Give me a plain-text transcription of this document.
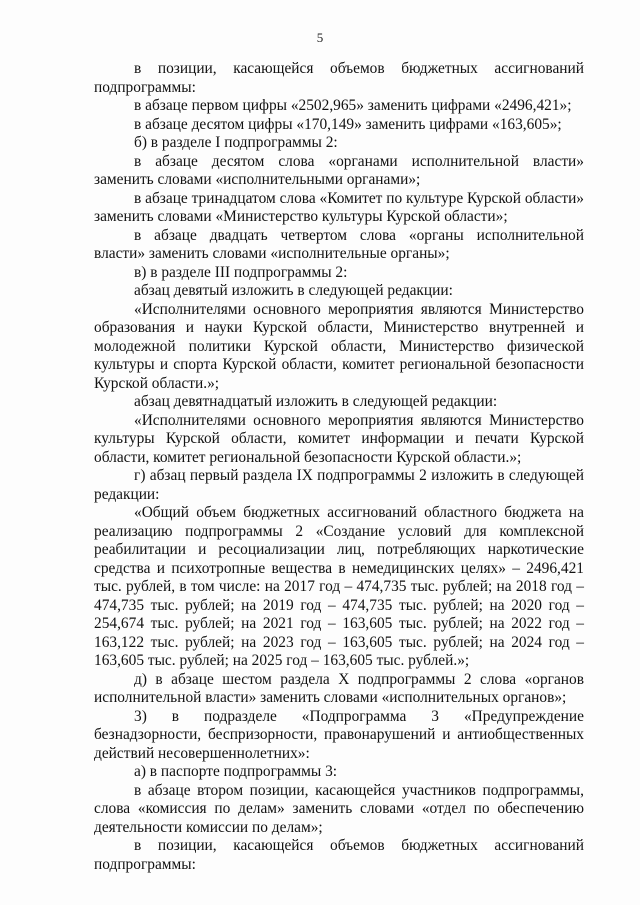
5

в позиции, касающейся объемов бюджетных ассигнований подпрограммы:

в абзаце первом цифры «2502,965» заменить цифрами «2496,421»;

в абзаце десятом цифры «170,149» заменить цифрами «163,605»;

б) в разделе I подпрограммы 2:

в абзаце десятом слова «органами исполнительной власти» заменить словами «исполнительными органами»;

в абзаце тринадцатом слова «Комитет по культуре Курской области» заменить словами «Министерство культуры Курской области»;

в абзаце двадцать четвертом слова «органы исполнительной власти» заменить словами «исполнительные органы»;

в) в разделе III подпрограммы 2:

абзац девятый изложить в следующей редакции:

«Исполнителями основного мероприятия являются Министерство образования и науки Курской области, Министерство внутренней и молодежной политики Курской области, Министерство физической культуры и спорта Курской области, комитет региональной безопасности Курской области.»;

абзац девятнадцатый изложить в следующей редакции:

«Исполнителями основного мероприятия являются Министерство культуры Курской области, комитет информации и печати Курской области, комитет региональной безопасности Курской области.»;

г) абзац первый раздела IX подпрограммы 2 изложить в следующей редакции:

«Общий объем бюджетных ассигнований областного бюджета на реализацию подпрограммы 2 «Создание условий для комплексной реабилитации и ресоциализации лиц, потребляющих наркотические средства и психотропные вещества в немедицинских целях» – 2496,421 тыс. рублей, в том числе: на 2017 год – 474,735 тыс. рублей; на 2018 год – 474,735 тыс. рублей; на 2019 год – 474,735 тыс. рублей; на 2020 год – 254,674 тыс. рублей; на 2021 год – 163,605 тыс. рублей; на 2022 год – 163,122 тыс. рублей; на 2023 год – 163,605 тыс. рублей; на 2024 год – 163,605 тыс. рублей; на 2025 год – 163,605 тыс. рублей.»;

д) в абзаце шестом раздела X подпрограммы 2 слова «органов исполнительной власти» заменить словами «исполнительных органов»;

3) в подразделе «Подпрограмма 3 «Предупреждение безнадзорности, беспризорности, правонарушений и антиобщественных действий несовершеннолетних»:

а) в паспорте подпрограммы 3:

в абзаце втором позиции, касающейся участников подпрограммы, слова «комиссия по делам» заменить словами «отдел по обеспечению деятельности комиссии по делам»;

в позиции, касающейся объемов бюджетных ассигнований подпрограммы:
